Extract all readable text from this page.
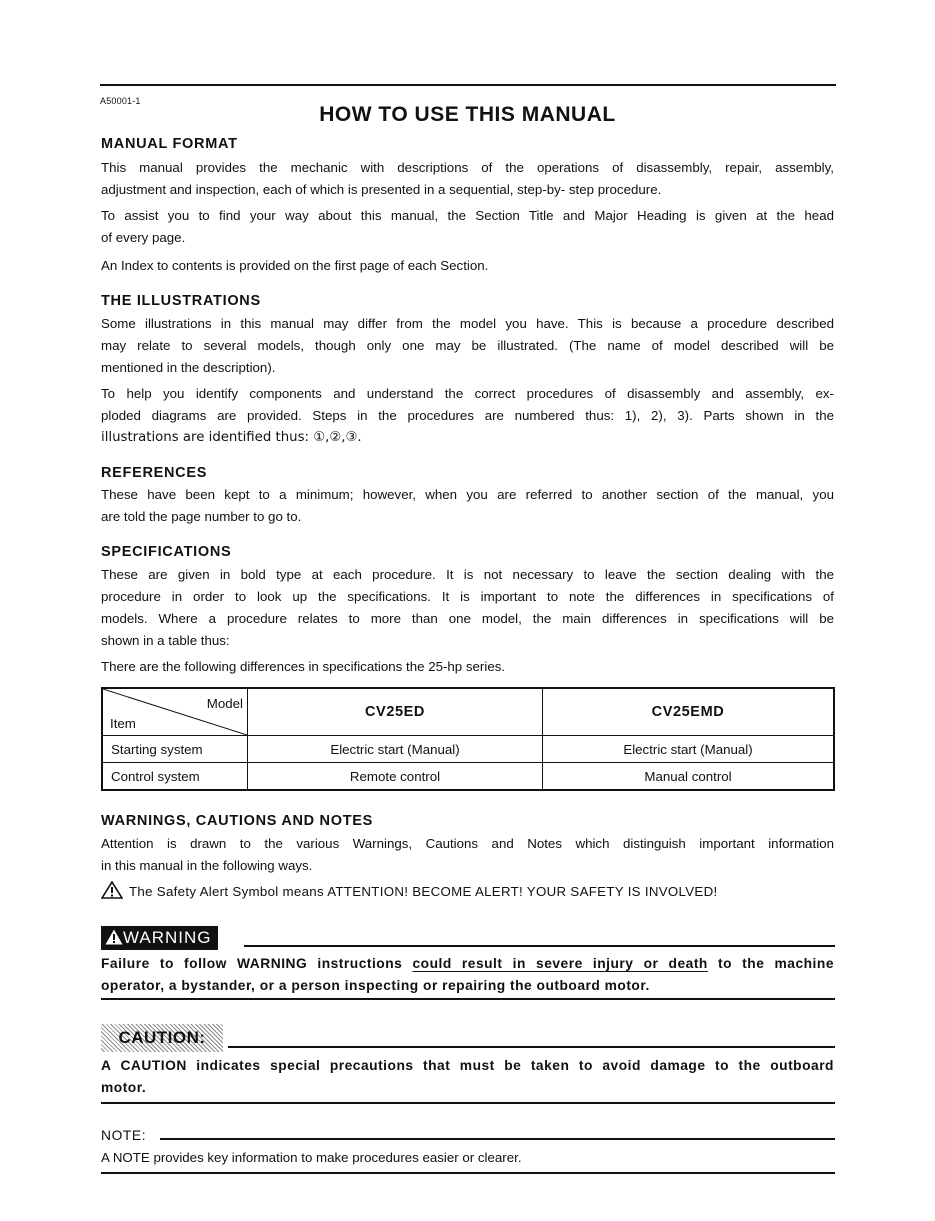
A50001-1
HOW TO USE THIS MANUAL
MANUAL FORMAT
This manual provides the mechanic with descriptions of the operations of disassembly, repair, assembly,
adjustment and inspection, each of which is presented in a sequential, step-by- step procedure.
To assist you to find your way about this manual, the Section Title and Major Heading is given at the head
of every page.
An Index to contents is provided on the first page of each Section.
THE ILLUSTRATIONS
Some illustrations in this manual may differ from the model you have. This is because a procedure described
may relate to several models, though only one may be illustrated. (The name of model described will be
mentioned in the description).
To help you identify components and understand the correct procedures of disassembly and assembly, ex-
ploded diagrams are provided. Steps in the procedures are numbered thus: 1), 2), 3). Parts shown in the
illustrations are identified thus: ①,②,③.
REFERENCES
These have been kept to a minimum; however, when you are referred to another section of the manual, you
are told the page number to go to.
SPECIFICATIONS
These are given in bold type at each procedure. It is not necessary to leave the section dealing with the
procedure in order to look up the specifications. It is important to note the differences in specifications of
models. Where a procedure relates to more than one model, the main differences in specifications will be
shown in a table thus:
There are the following differences in specifications the 25-hp series.
Model
Item	CV25ED	CV25EMD
Starting system	Electric start (Manual)	Electric start (Manual)
Control system	Remote control	Manual control
WARNINGS, CAUTIONS AND NOTES
Attention is drawn to the various Warnings, Cautions and Notes which distinguish important information
in this manual in the following ways.
The Safety Alert Symbol means ATTENTION! BECOME ALERT! YOUR SAFETY IS INVOLVED!
WARNING
Failure to follow WARNING instructions could result in severe injury or death to the machine
operator, a bystander, or a person inspecting or repairing the outboard motor.
CAUTION:
A CAUTION indicates special precautions that must be taken to avoid damage to the outboard
motor.
NOTE:
A NOTE provides key information to make procedures easier or clearer.
